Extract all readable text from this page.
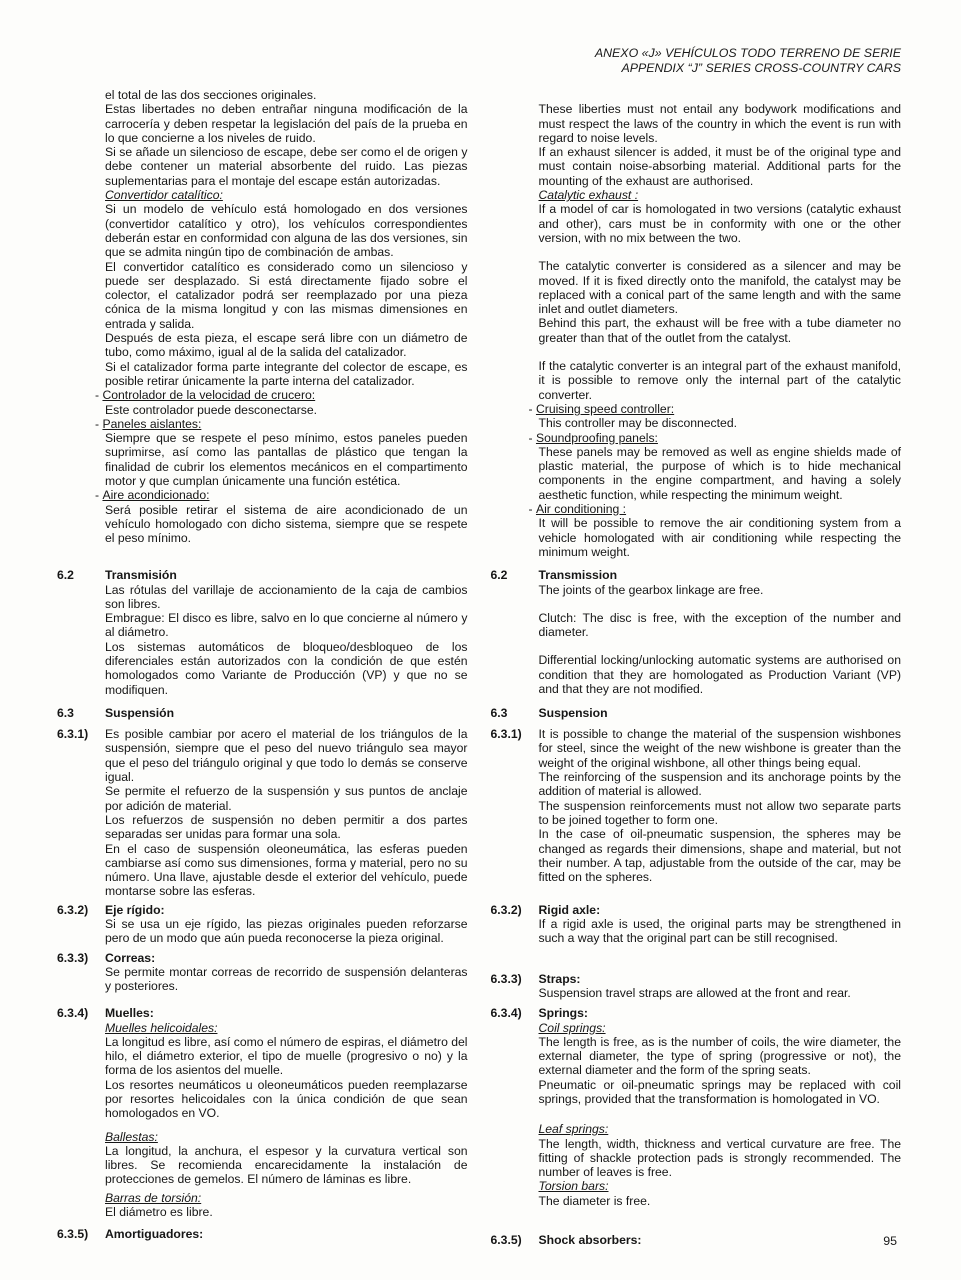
ANEXO «J» VEHÍCULOS TODO TERRENO DE SERIE
APPENDIX “J” SERIES CROSS-COUNTRY CARS
el total de las dos secciones originales.
Estas libertades no deben entrañar ninguna modificación de la carrocería y deben respetar la legislación del país de la prueba en lo que concierne a los niveles de ruido.
Si se añade un silencioso de escape, debe ser como el de origen y debe contener un material absorbente del ruido. Las piezas suplementarias para el montaje del escape están autorizadas.
Convertidor catalítico:
Si un modelo de vehículo está homologado en dos versiones (convertidor catalítico y otro), los vehículos correspondientes deberán estar en conformidad con alguna de las dos versiones, sin que se admita ningún tipo de combinación de ambas.
El convertidor catalítico es considerado como un silencioso y puede ser desplazado. Si está directamente fijado sobre el colector, el catalizador podrá ser reemplazado por una pieza cónica de la misma longitud y con las mismas dimensiones en entrada y salida.
Después de esta pieza, el escape será libre con un diámetro de tubo, como máximo, igual al de la salida del catalizador.
Si el catalizador forma parte integrante del colector de escape, es posible retirar únicamente la parte interna del catalizador.
- Controlador de la velocidad de crucero:
Este controlador puede desconectarse.
- Paneles aislantes:
Siempre que se respete el peso mínimo, estos paneles pueden suprimirse, así como las pantallas de plástico que tengan la finalidad de cubrir los elementos mecánicos en el compartimento motor y que cumplan únicamente una función estética.
- Aire acondicionado:
Será posible retirar el sistema de aire acondicionado de un vehículo homologado con dicho sistema, siempre que se respete el peso mínimo.
These liberties must not entail any bodywork modifications and must respect the laws of the country in which the event is run with regard to noise levels.
If an exhaust silencer is added, it must be of the original type and must contain noise-absorbing material. Additional parts for the mounting of the exhaust are authorised.
Catalytic exhaust :
If a model of car is homologated in two versions (catalytic exhaust and other), cars must be in conformity with one or the other version, with no mix between the two.
The catalytic converter is considered as a silencer and may be moved. If it is fixed directly onto the manifold, the catalyst may be replaced with a conical part of the same length and with the same inlet and outlet diameters.
Behind this part, the exhaust will be free with a tube diameter no greater than that of the outlet from the catalyst.
If the catalytic converter is an integral part of the exhaust manifold, it is possible to remove only the internal part of the catalytic converter.
- Cruising speed controller:
This controller may be disconnected.
- Soundproofing panels:
These panels may be removed as well as engine shields made of plastic material, the purpose of which is to hide mechanical components in the engine compartment, and having a solely aesthetic function, while respecting the minimum weight.
- Air conditioning :
It will be possible to remove the air conditioning system from a vehicle homologated with air conditioning while respecting the minimum weight.
6.2	Transmisión
Las rótulas del varillaje de accionamiento de la caja de cambios son libres.
Embrague: El disco es libre, salvo en lo que concierne al número y al diámetro.
Los sistemas automáticos de bloqueo/desbloqueo de los diferenciales están autorizados con la condición de que estén homologados como Variante de Producción (VP) y que no se modifiquen.
6.2	Transmission
The joints of the gearbox linkage are free.
Clutch: The disc is free, with the exception of the number and diameter.
Differential locking/unlocking automatic systems are authorised on condition that they are homologated as Production Variant (VP) and that they are not modified.
6.3	Suspensión	6.3	Suspension
6.3.1)	Es posible cambiar por acero el material de los triángulos de la suspensión, siempre que el peso del nuevo triángulo sea mayor que el peso del triángulo original y que todo lo demás se conserve igual.
Se permite el refuerzo de la suspensión y sus puntos de anclaje por adición de material.
Los refuerzos de suspensión no deben permitir a dos partes separadas ser unidas para formar una sola.
En el caso de suspensión oleoneumática, las esferas pueden cambiarse así como sus dimensiones, forma y material, pero no su número. Una llave, ajustable desde el exterior del vehículo, puede montarse sobre las esferas.
6.3.1)	It is possible to change the material of the suspension wishbones for steel, since the weight of the new wishbone is greater than the weight of the original wishbone, all other things being equal.
The reinforcing of the suspension and its anchorage points by the addition of material is allowed.
The suspension reinforcements must not allow two separate parts to be joined together to form one.
In the case of oil-pneumatic suspension, the spheres may be changed as regards their dimensions, shape and material, but not their number. A tap, adjustable from the outside of the car, may be fitted on the spheres.
6.3.2)	Eje rígido:
Si se usa un eje rígido, las piezas originales pueden reforzarse pero de un modo que aún pueda reconocerse la pieza original.
6.3.2)	Rigid axle:
If a rigid axle is used, the original parts may be strengthened in such a way that the original part can be still recognised.
6.3.3)	Correas:
Se permite montar correas de recorrido de suspensión delanteras y posteriores.
6.3.3)	Straps:
Suspension travel straps are allowed at the front and rear.
6.3.4)	Muelles:
Muelles helicoidales:
La longitud es libre, así como el número de espiras, el diámetro del hilo, el diámetro exterior, el tipo de muelle (progresivo o no) y la forma de los asientos del muelle.
Los resortes neumáticos u oleoneumáticos pueden reemplazarse por resortes helicoidales con la única condición de que sean homologados en VO.
Ballestas:
La longitud, la anchura, el espesor y la curvatura vertical son libres. Se recomienda encarecidamente la instalación de protecciones de gemelos. El número de láminas es libre.
Barras de torsión:
El diámetro es libre.
6.3.4)	Springs:
Coil springs:
The length is free, as is the number of coils, the wire diameter, the external diameter, the type of spring (progressive or not), the external diameter and the form of the spring seats.
Pneumatic or oil-pneumatic springs may be replaced with coil springs, provided that the transformation is homologated in VO.
Leaf springs:
The length, width, thickness and vertical curvature are free. The fitting of shackle protection pads is strongly recommended. The number of leaves is free.
Torsion bars:
The diameter is free.
6.3.5)	Amortiguadores:	6.3.5)	Shock absorbers:	95
